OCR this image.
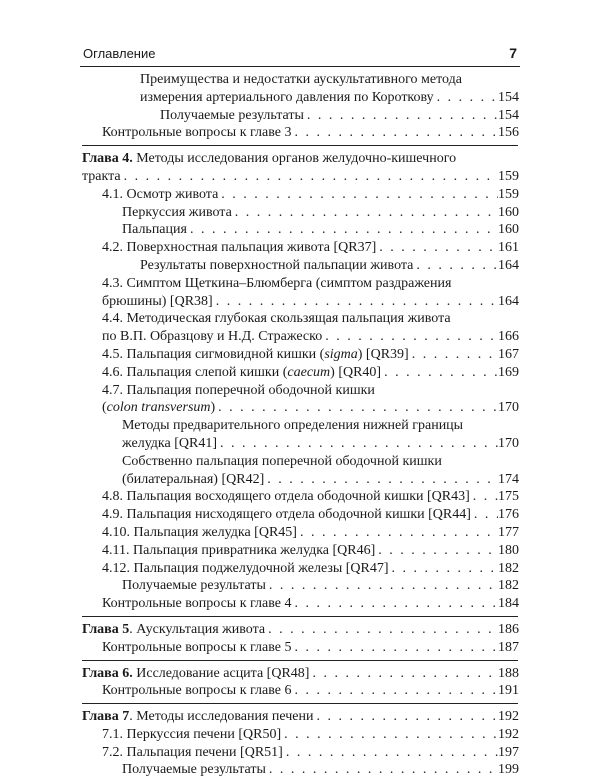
Оглавление	7
Преимущества и недостатки аускультативного метода
измерения артериального давления по Короткову . . .	154
Получаемые результаты . . .	154
Контрольные вопросы к главе 3 . . .	156
Глава 4. Методы исследования органов желудочно-кишечного
тракта . . .	159
4.1. Осмотр живота . . .	159
Перкуссия живота . . .	160
Пальпация . . .	160
4.2. Поверхностная пальпация живота [QR37] . . .	161
Результаты поверхностной пальпации живота . . .	164
4.3. Симптом Щеткина–Блюмберга (симптом раздражения
брюшины) [QR38] . . .	164
4.4. Методическая глубокая скользящая пальпация живота
по В.П. Образцову и Н.Д. Стражеско . . .	166
4.5. Пальпация сигмовидной кишки (sigma) [QR39] . . .	167
4.6. Пальпация слепой кишки (caecum) [QR40] . . .	169
4.7. Пальпация поперечной ободочной кишки
(colon transversum) . . .	170
Методы предварительного определения нижней границы
желудка [QR41] . . .	170
Собственно пальпация поперечной ободочной кишки
(билатеральная) [QR42] . . .	174
4.8. Пальпация восходящего отдела ободочной кишки [QR43] . . . 175
4.9. Пальпация нисходящего отдела ободочной кишки [QR44] . . . 176
4.10. Пальпация желудка [QR45] . . .	177
4.11. Пальпация привратника желудка [QR46] . . .	180
4.12. Пальпация поджелудочной железы [QR47] . . .	182
Получаемые результаты . . .	182
Контрольные вопросы к главе 4 . . .	184
Глава 5. Аускультация живота . . .	186
Контрольные вопросы к главе 5 . . .	187
Глава 6. Исследование асцита [QR48] . . .	188
Контрольные вопросы к главе 6 . . .	191
Глава 7. Методы исследования печени . . .	192
7.1. Перкуссия печени [QR50] . . .	192
7.2. Пальпация печени [QR51] . . .	197
Получаемые результаты . . .	199
